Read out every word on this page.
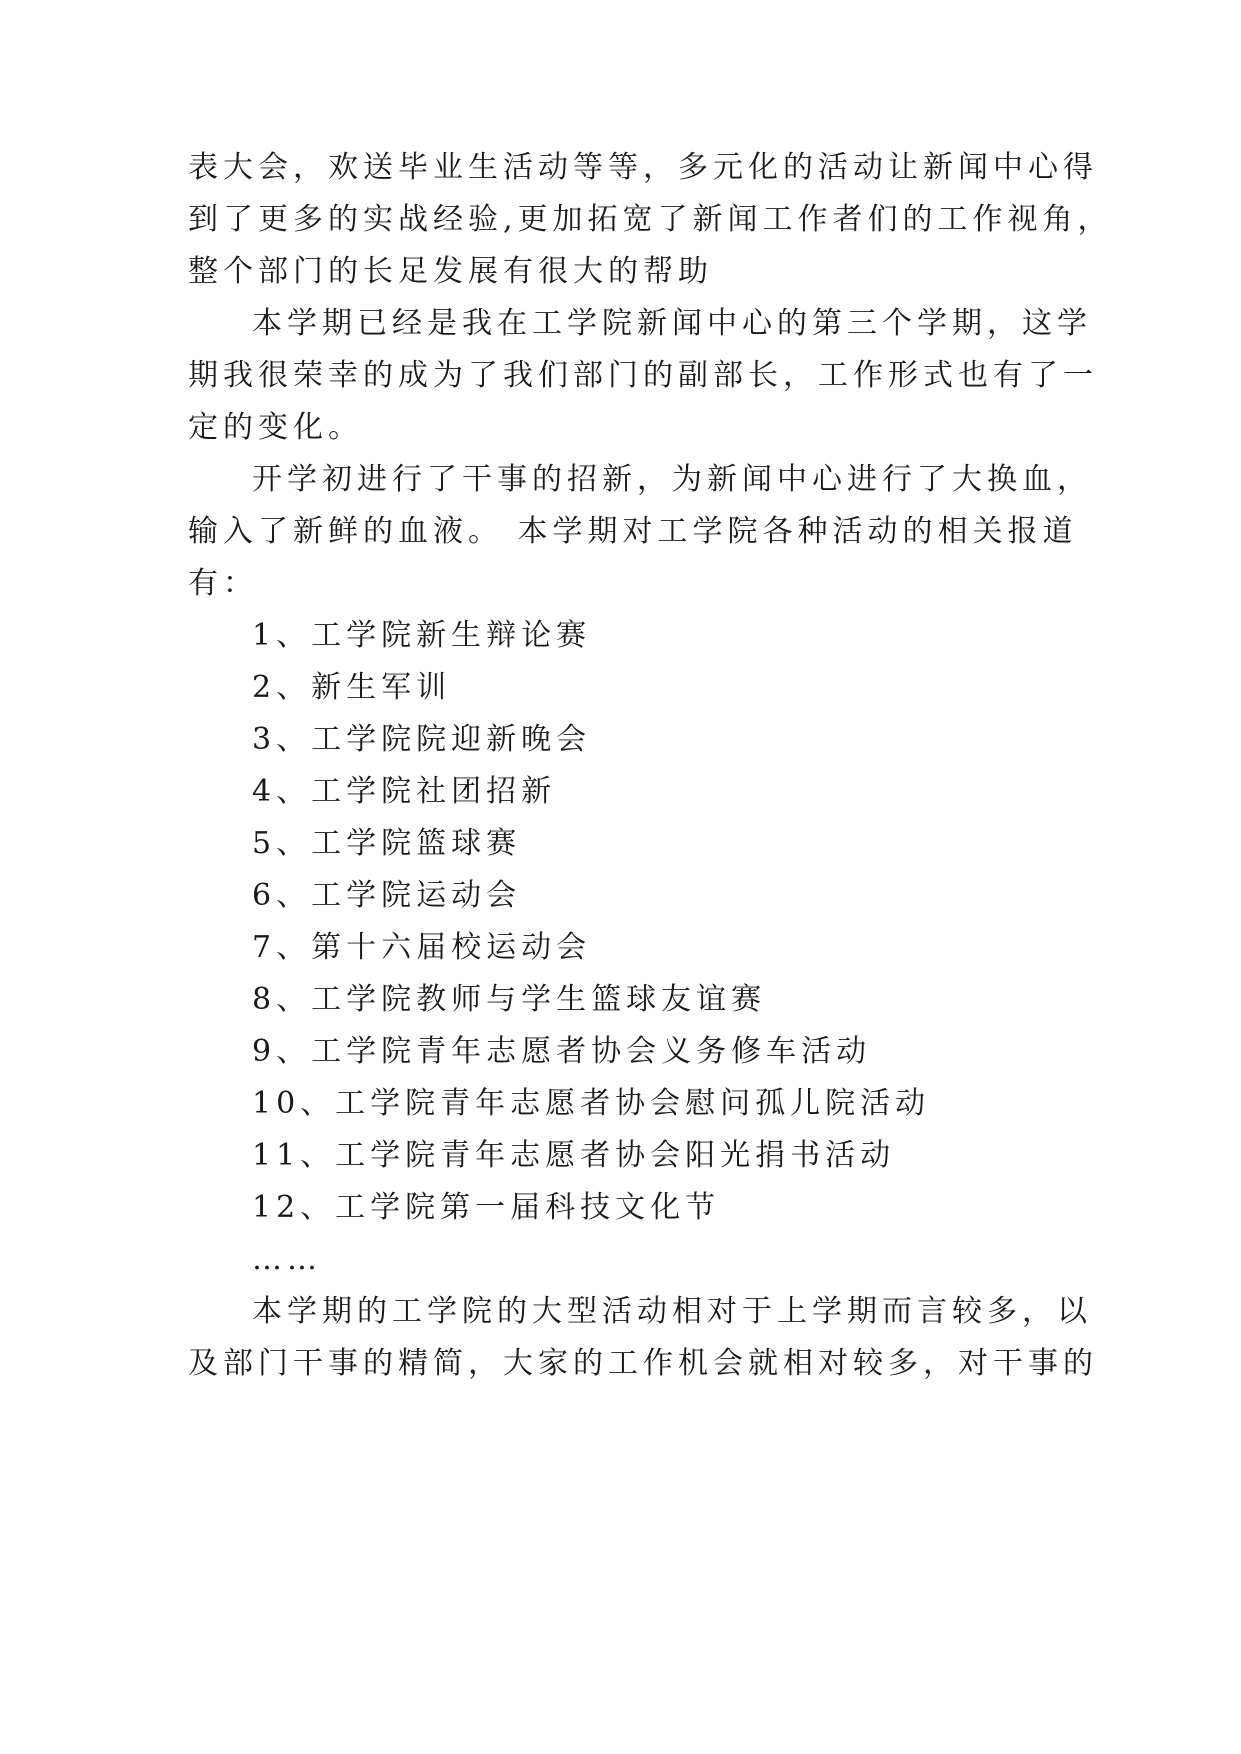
表大会，欢送毕业生活动等等，多元化的活动让新闻中心得
到了更多的实战经验,更加拓宽了新闻工作者们的工作视角，
整个部门的长足发展有很大的帮助
本学期已经是我在工学院新闻中心的第三个学期，这学
期我很荣幸的成为了我们部门的副部长，工作形式也有了一
定的变化。
开学初进行了干事的招新，为新闻中心进行了大换血，
输入了新鲜的血液。 本学期对工学院各种活动的相关报道
有：
1、工学院新生辩论赛
2、新生军训
3、工学院院迎新晚会
4、工学院社团招新
5、工学院篮球赛
6、工学院运动会
7、第十六届校运动会
8、工学院教师与学生篮球友谊赛
9、工学院青年志愿者协会义务修车活动
10、工学院青年志愿者协会慰问孤儿院活动
11、工学院青年志愿者协会阳光捐书活动
12、工学院第一届科技文化节
……
本学期的工学院的大型活动相对于上学期而言较多，以
及部门干事的精简，大家的工作机会就相对较多，对干事的
